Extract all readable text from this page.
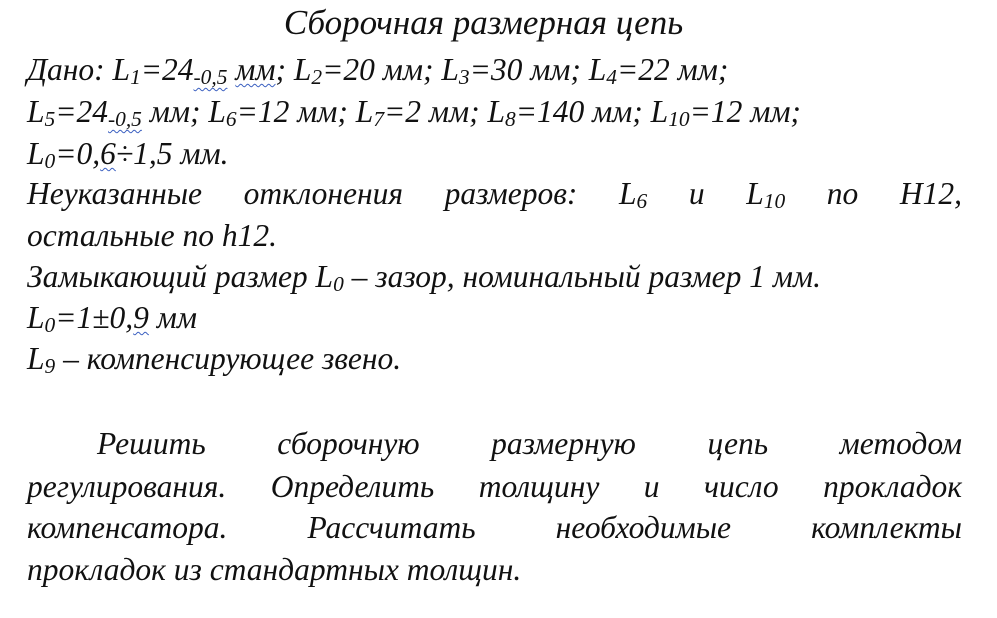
Сборочная размерная цепь
Дано: $L_1=24_{-0,5}$ мм; $L_2=20$ мм; $L_3=30$ мм; $L_4=22$ мм;
$L_5=24_{-0,5}$ мм; $L_6=12$ мм; $L_7=2$ мм; $L_8=140$ мм; $L_{10}=12$ мм;
$L_0=0,6\div 1,5$ мм.
Неуказанные отклонения размеров: $L_6$ и $L_{10}$ по Н12,
остальные по h12.
Замыкающий размер $L_0$ – зазор, номинальный размер 1 мм.
$L_0=1\pm 0,9$ мм
$L_9$ – компенсирующее звено.
Решить сборочную размерную цепь методом
регулирования. Определить толщину и число прокладок
компенсатора. Рассчитать необходимые комплекты
прокладок из стандартных толщин.
